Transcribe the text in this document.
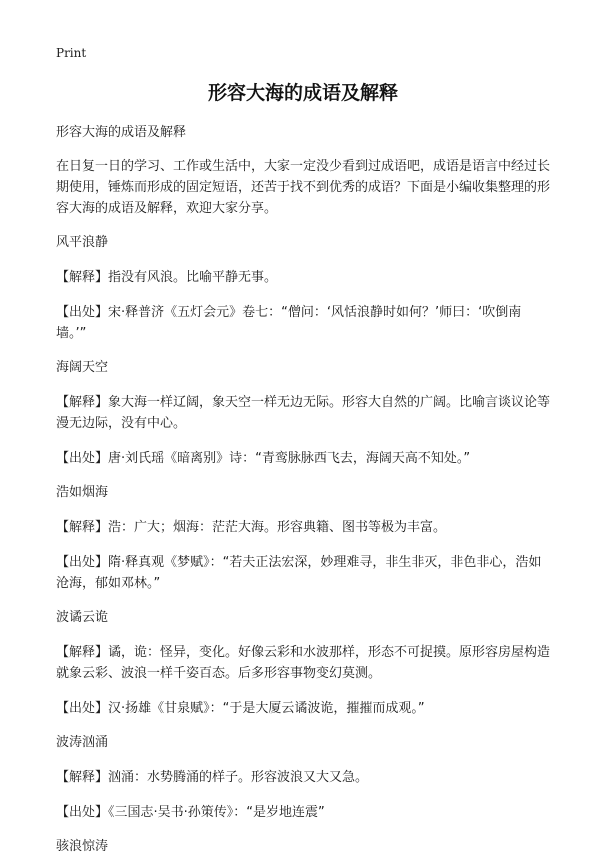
Print
形容大海的成语及解释
形容大海的成语及解释
在日复一日的学习、工作或生活中，大家一定没少看到过成语吧，成语是语言中经过长期使用，锤炼而形成的固定短语，还苦于找不到优秀的成语？下面是小编收集整理的形容大海的成语及解释，欢迎大家分享。
风平浪静
【解释】指没有风浪。比喻平静无事。
【出处】宋·释普济《五灯会元》卷七：“僧问：‘风恬浪静时如何？’师曰：‘吹倒南墙。’”
海阔天空
【解释】象大海一样辽阔，象天空一样无边无际。形容大自然的广阔。比喻言谈议论等漫无边际，没有中心。
【出处】唐·刘氏瑶《暗离别》诗：“青鸾脉脉西飞去，海阔天高不知处。”
浩如烟海
【解释】浩：广大；烟海：茫茫大海。形容典籍、图书等极为丰富。
【出处】隋·释真观《梦赋》：“若夫正法宏深，妙理难寻，非生非灭，非色非心，浩如沧海，郁如邓林。”
波谲云诡
【解释】谲，诡：怪异，变化。好像云彩和水波那样，形态不可捉摸。原形容房屋构造就象云彩、波浪一样千姿百态。后多形容事物变幻莫测。
【出处】汉·扬雄《甘泉赋》：“于是大厦云谲波诡，摧摧而成观。”
波涛汹涌
【解释】汹涌：水势腾涌的样子。形容波浪又大又急。
【出处】《三国志·吴书·孙策传》：“是岁地连震”
骇浪惊涛
